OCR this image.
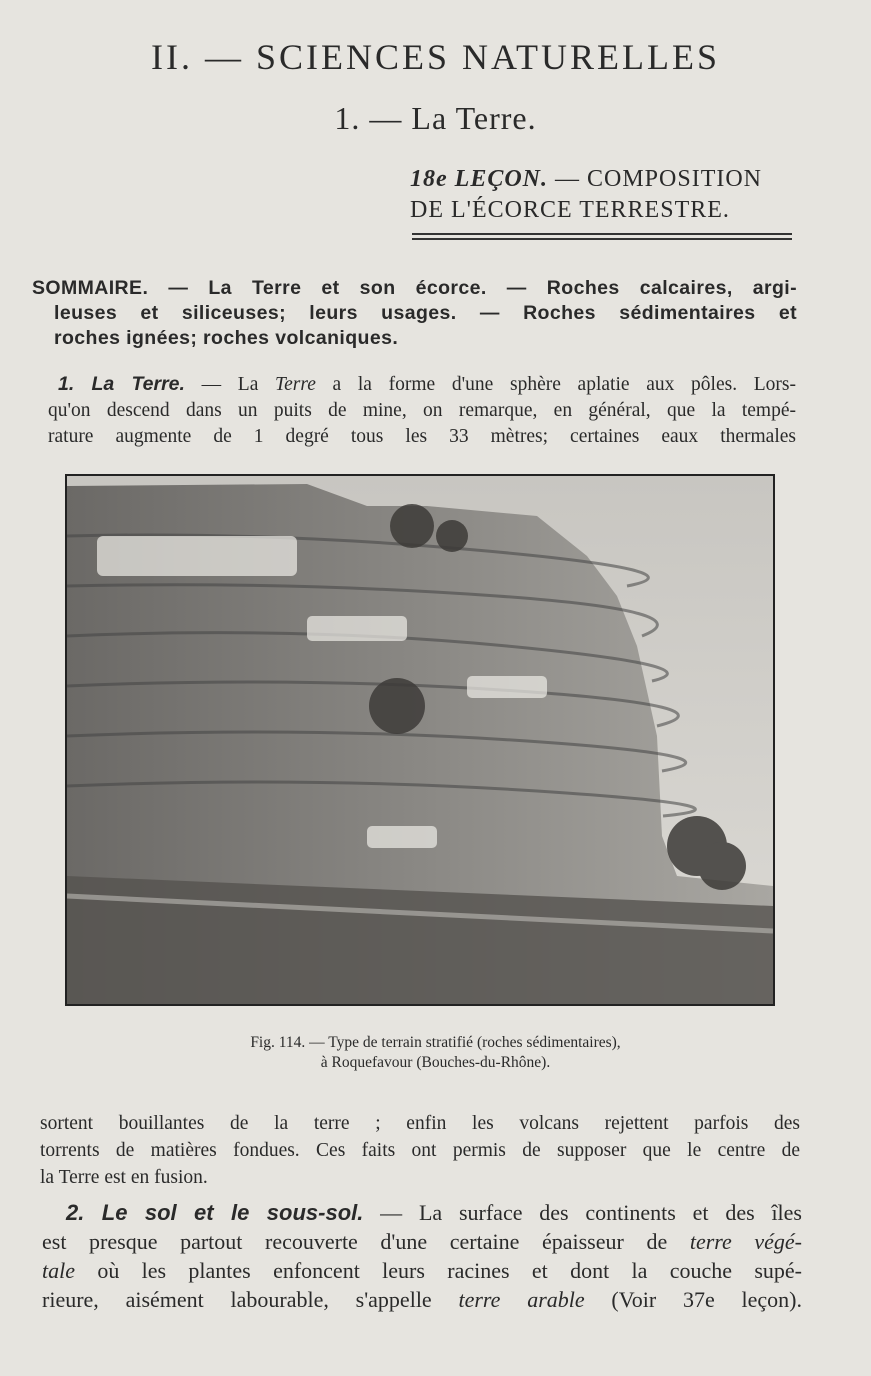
II. — SCIENCES NATURELLES
1. — La Terre.
18e LEÇON. — COMPOSITION
DE L'ÉCORCE TERRESTRE.
SOMMAIRE. — La Terre et son écorce. — Roches calcaires, argi-
leuses et siliceuses; leurs usages. — Roches sédimentaires et
roches ignées; roches volcaniques.
1. La Terre. — La Terre a la forme d'une sphère aplatie aux pôles. Lors-
qu'on descend dans un puits de mine, on remarque, en général, que la tempé-
rature augmente de 1 degré tous les 33 mètres; certaines eaux thermales
Fig. 114. — Type de terrain stratifié (roches sédimentaires),
à Roquefavour (Bouches-du-Rhône).
sortent bouillantes de la terre ; enfin les volcans rejettent parfois des
torrents de matières fondues. Ces faits ont permis de supposer que le centre de
la Terre est en fusion.
2. Le sol et le sous-sol. — La surface des continents et des îles
est presque partout recouverte d'une certaine épaisseur de terre végé-
tale où les plantes enfoncent leurs racines et dont la couche supé-
rieure, aisément labourable, s'appelle terre arable (Voir 37e leçon).
